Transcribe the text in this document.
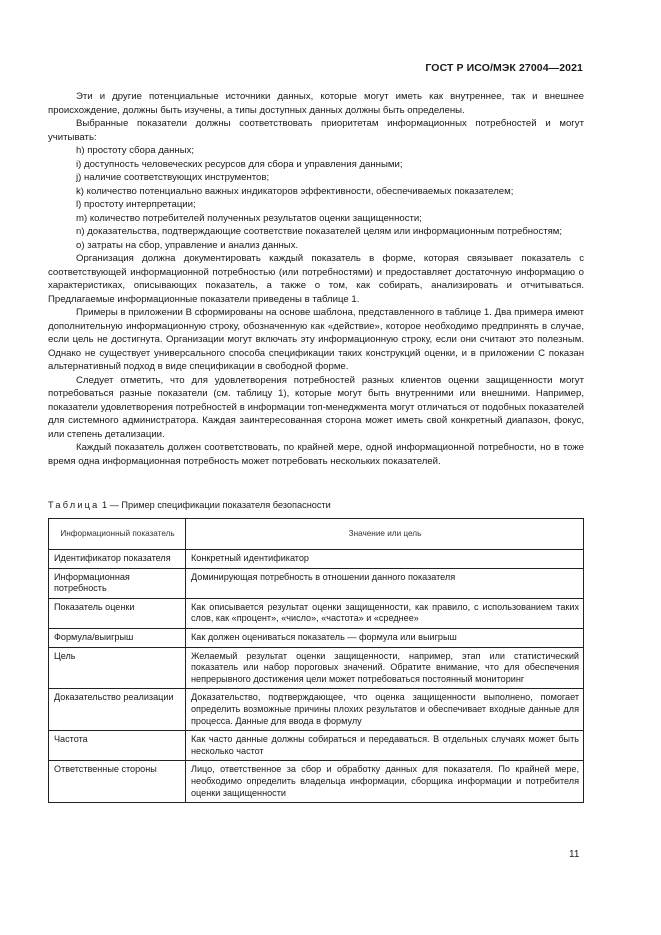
ГОСТ Р ИСО/МЭК 27004—2021

Эти и другие потенциальные источники данных, которые могут иметь как внутреннее, так и внешнее происхождение, должны быть изучены, а типы доступных данных должны быть определены.

Выбранные показатели должны соответствовать приоритетам информационных потребностей и могут учитывать:

h) простоту сбора данных;

i) доступность человеческих ресурсов для сбора и управления данными;

j) наличие соответствующих инструментов;

k) количество потенциально важных индикаторов эффективности, обеспечиваемых показателем;

l) простоту интерпретации;

m) количество потребителей полученных результатов оценки защищенности;

n) доказательства, подтверждающие соответствие показателей целям или информационным потребностям;

o) затраты на сбор, управление и анализ данных.

Организация должна документировать каждый показатель в форме, которая связывает показатель с соответствующей информационной потребностью (или потребностями) и предоставляет достаточную информацию о характеристиках, описывающих показатель, а также о том, как собирать, анализировать и отчитываться. Предлагаемые информационные показатели приведены в таблице 1.

Примеры в приложении В сформированы на основе шаблона, представленного в таблице 1. Два примера имеют дополнительную информационную строку, обозначенную как «действие», которое необходимо предпринять в случае, если цель не достигнута. Организации могут включать эту информационную строку, если они считают это полезным. Однако не существует универсального способа спецификации таких конструкций оценки, и в приложении С показан альтернативный подход в виде спецификации в свободной форме.

Следует отметить, что для удовлетворения потребностей разных клиентов оценки защищенности могут потребоваться разные показатели (см. таблицу 1), которые могут быть внутренними или внешними. Например, показатели удовлетворения потребностей в информации топ-менеджмента могут отличаться от подобных показателей для системного администратора. Каждая заинтересованная сторона может иметь свой конкретный диапазон, фокус, или степень детализации.

Каждый показатель должен соответствовать, по крайней мере, одной информационной потребности, но в тоже время одна информационная потребность может потребовать нескольких показателей.

Таблица 1 — Пример спецификации показателя безопасности
Информационный показатель	Значение или цель
Идентификатор показателя	Конкретный идентификатор
Информационная потребность	Доминирующая потребность в отношении данного показателя
Показатель оценки	Как описывается результат оценки защищенности, как правило, с использованием таких слов, как «процент», «число», «частота» и «среднее»
Формула/выигрыш	Как должен оцениваться показатель — формула или выигрыш
Цель	Желаемый результат оценки защищенности, например, этап или статистический показатель или набор пороговых значений. Обратите внимание, что для обеспечения непрерывного достижения цели может потребоваться постоянный мониторинг
Доказательство реализации	Доказательство, подтверждающее, что оценка защищенности выполнено, помогает определить возможные причины плохих результатов и обеспечивает входные данные для процесса. Данные для ввода в формулу
Частота	Как часто данные должны собираться и передаваться. В отдельных случаях может быть несколько частот
Ответственные стороны	Лицо, ответственное за сбор и обработку данных для показателя. По крайней мере, необходимо определить владельца информации, сборщика информации и потребителя оценки защищенности
11
